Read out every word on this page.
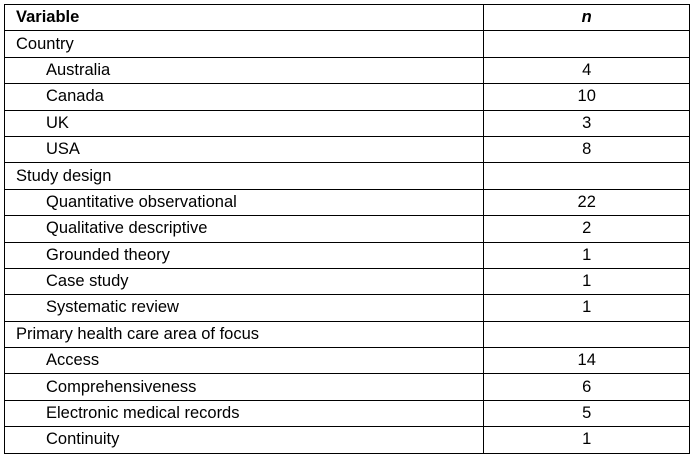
Variable	n
Country	
Australia	4
Canada	10
UK	3
USA	8
Study design	
Quantitative observational	22
Qualitative descriptive	2
Grounded theory	1
Case study	1
Systematic review	1
Primary health care area of focus	
Access	14
Comprehensiveness	6
Electronic medical records	5
Continuity	1
